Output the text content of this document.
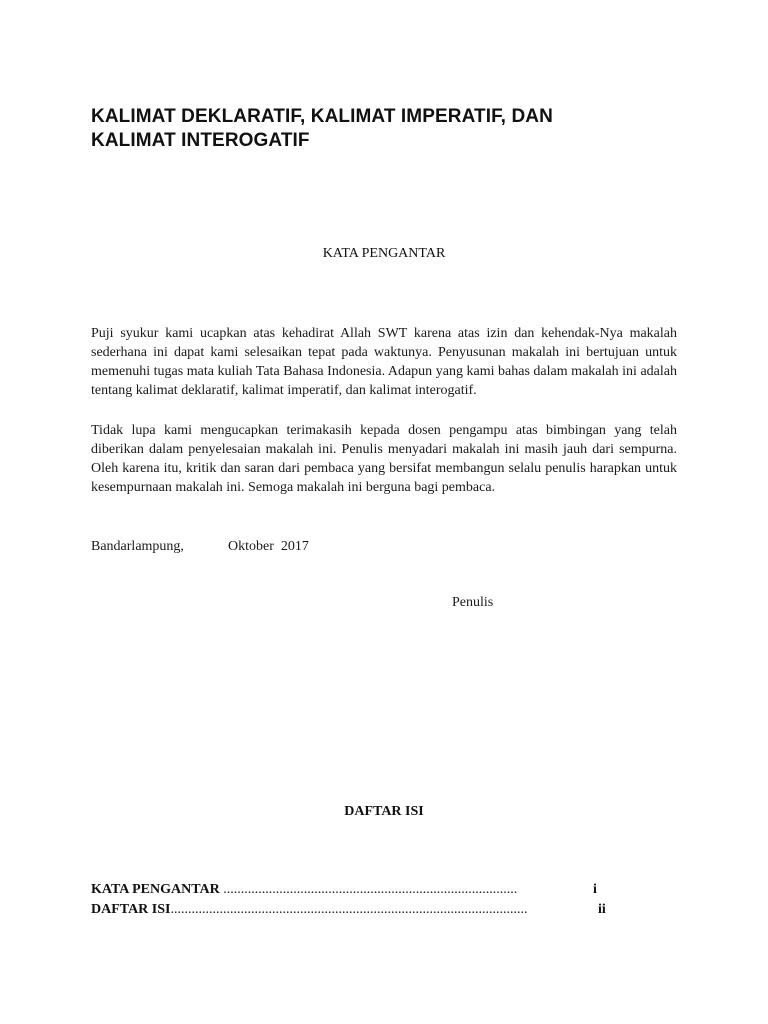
KALIMAT DEKLARATIF, KALIMAT IMPERATIF, DAN
KALIMAT INTEROGATIF
KATA PENGANTAR

Puji syukur kami ucapkan atas kehadirat Allah SWT karena atas izin dan kehendak-Nya makalah sederhana ini dapat kami selesaikan tepat pada waktunya. Penyusunan makalah ini bertujuan untuk memenuhi tugas mata kuliah Tata Bahasa Indonesia. Adapun yang kami bahas dalam makalah ini adalah tentang kalimat deklaratif, kalimat imperatif, dan kalimat interogatif.

Tidak lupa kami mengucapkan terimakasih kepada dosen pengampu atas bimbingan yang telah diberikan dalam penyelesaian makalah ini. Penulis menyadari makalah ini masih jauh dari sempurna. Oleh karena itu, kritik dan saran dari pembaca yang bersifat membangun selalu penulis harapkan untuk kesempurnaan makalah ini. Semoga makalah ini berguna bagi pembaca.

Bandarlampung,	Oktober  2017
Penulis
DAFTAR ISI
KATA PENGANTAR ....................................................................................	i
DAFTAR ISI......................................................................................................	ii
